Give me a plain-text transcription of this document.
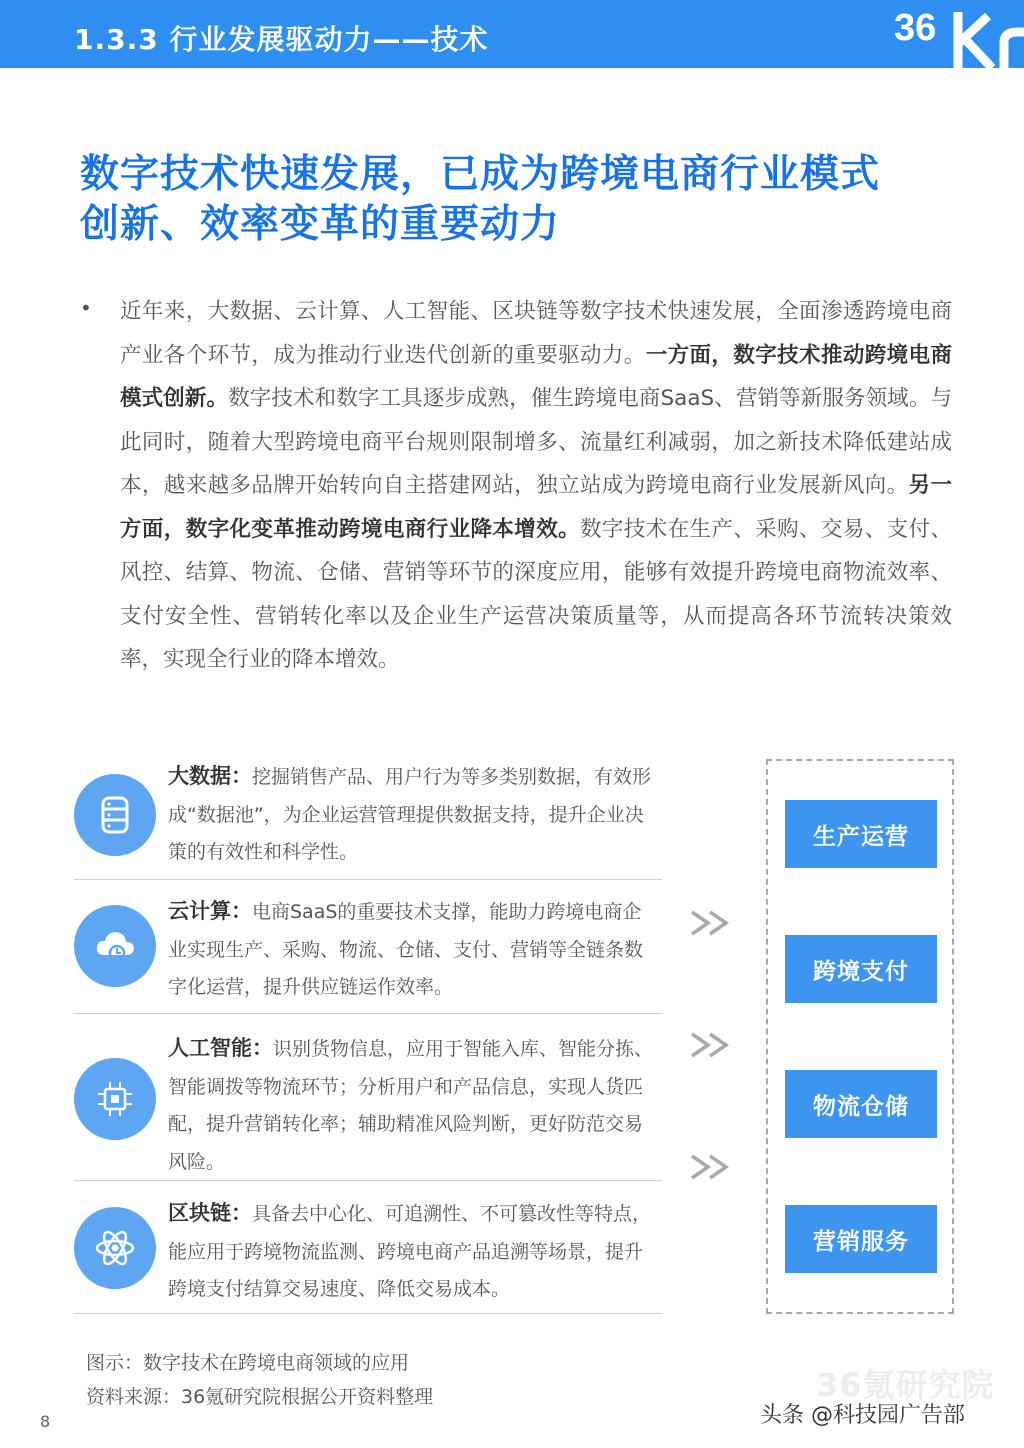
1.3.3 行业发展驱动力——技术	36
数字技术快速发展，已成为跨境电商行业模式
创新、效率变革的重要动力
• 近年来，大数据、云计算、人工智能、区块链等数字技术快速发展，全面渗透跨境电商产业各个环节，成为推动行业迭代创新的重要驱动力。一方面，数字技术推动跨境电商模式创新。数字技术和数字工具逐步成熟，催生跨境电商SaaS、营销等新服务领域。与此同时，随着大型跨境电商平台规则限制增多、流量红利减弱，加之新技术降低建站成本，越来越多品牌开始转向自主搭建网站，独立站成为跨境电商行业发展新风向。另一方面，数字化变革推动跨境电商行业降本增效。数字技术在生产、采购、交易、支付、风控、结算、物流、仓储、营销等环节的深度应用，能够有效提升跨境电商物流效率、支付安全性、营销转化率以及企业生产运营决策质量等，从而提高各环节流转决策效率，实现全行业的降本增效。
大数据：挖掘销售产品、用户行为等多类别数据，有效形成“数据池”，为企业运营管理提供数据支持，提升企业决策的有效性和科学性。
云计算：电商SaaS的重要技术支撑，能助力跨境电商企业实现生产、采购、物流、仓储、支付、营销等全链条数字化运营，提升供应链运作效率。
人工智能：识别货物信息，应用于智能入库、智能分拣、智能调拨等物流环节；分析用户和产品信息，实现人货匹配，提升营销转化率；辅助精准风险判断，更好防范交易风险。
区块链：具备去中心化、可追溯性、不可篡改性等特点，能应用于跨境物流监测、跨境电商产品追溯等场景，提升跨境支付结算交易速度、降低交易成本。
生产运营
跨境支付
物流仓储
营销服务
图示：数字技术在跨境电商领域的应用
资料来源：36氪研究院根据公开资料整理	36氪研究院
8	头条 @科技园广告部
